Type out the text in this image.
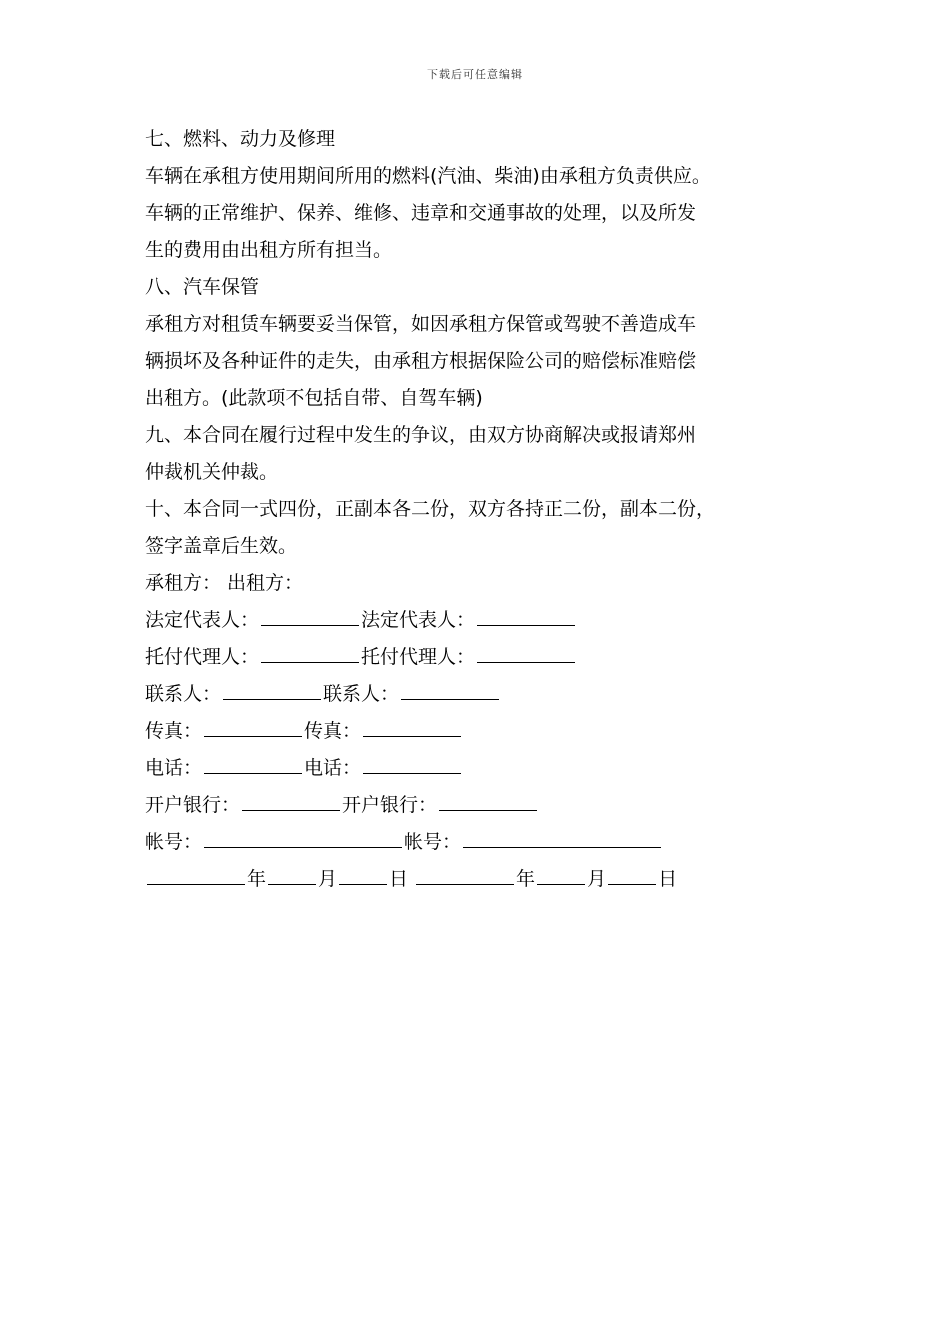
下载后可任意编辑
七、燃料、动力及修理
车辆在承租方使用期间所用的燃料(汽油、柴油)由承租方负责供应。
车辆的正常维护、保养、维修、违章和交通事故的处理，以及所发
生的费用由出租方所有担当。
八、汽车保管
承租方对租赁车辆要妥当保管，如因承租方保管或驾驶不善造成车
辆损坏及各种证件的走失，由承租方根据保险公司的赔偿标准赔偿
出租方。(此款项不包括自带、自驾车辆)
九、本合同在履行过程中发生的争议，由双方协商解决或报请郑州
仲裁机关仲裁。
十、本合同一式四份，正副本各二份，双方各持正二份，副本二份，
签字盖章后生效。
承租方： 出租方：
法定代表人：	法定代表人：
托付代理人：	托付代理人：
联系人：	联系人：
传真：	传真：
电话：	电话：
开户银行：	开户银行：
帐号：	帐号：
年	月	日	年	月	日
